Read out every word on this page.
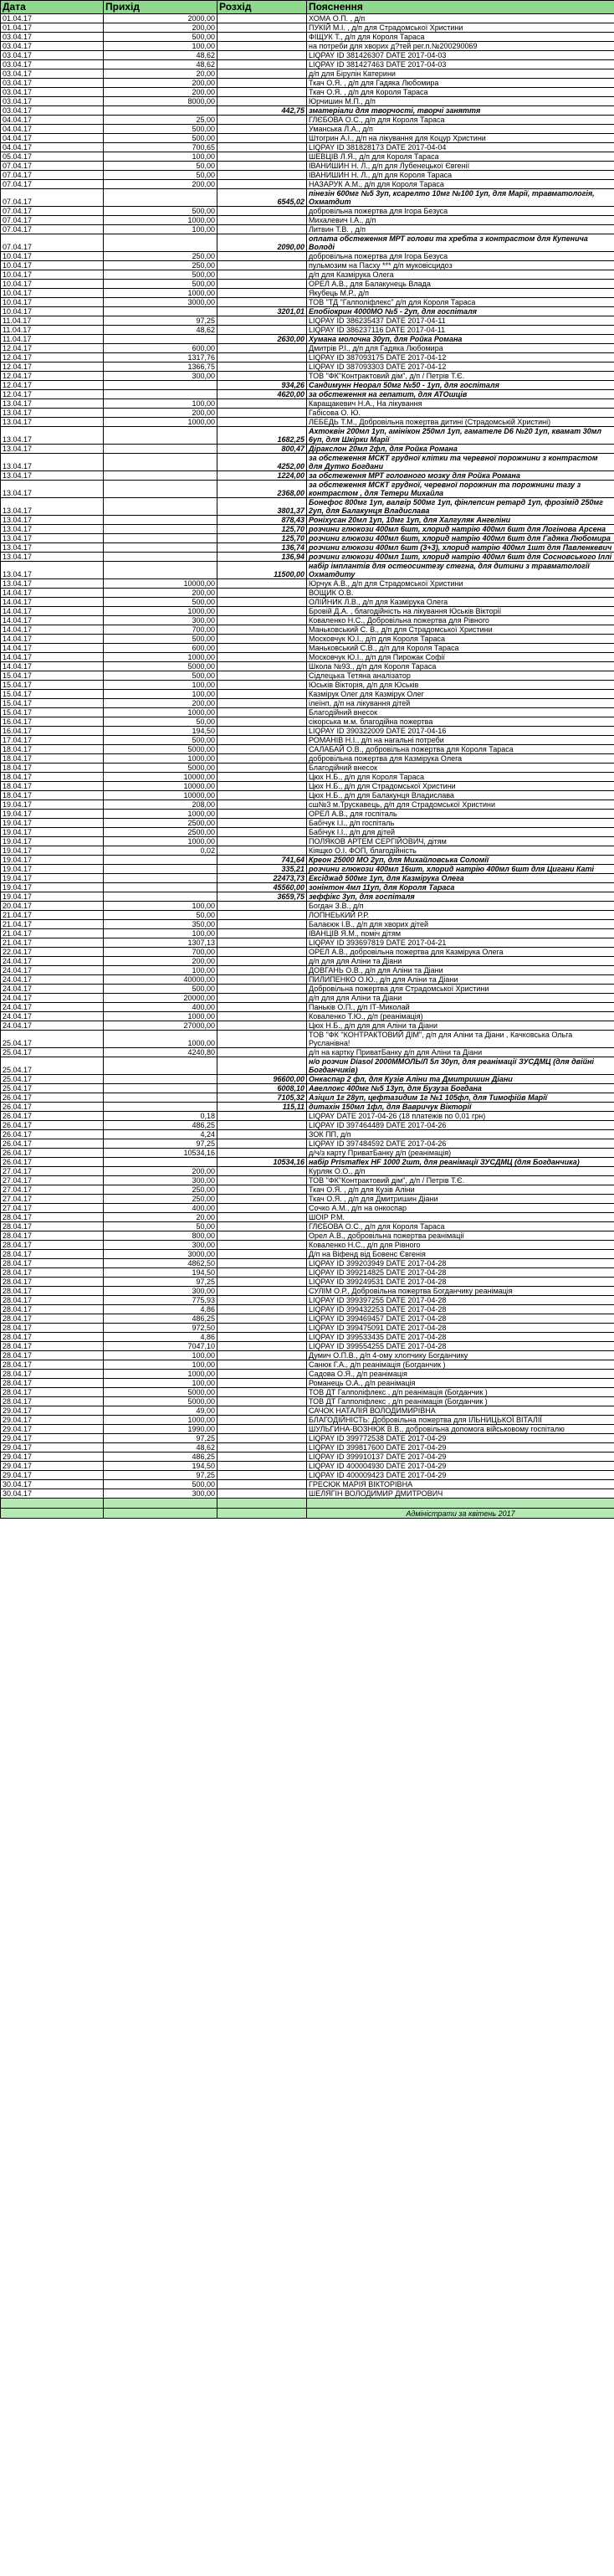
Дата	Прихід	Розхід	Пояснення
01.04.17	2000,00		ХОМА О.П. , д/п
01.04.17	200,00		ПУКІЙ М.І. , д/п для Страдомської Христини
03.04.17	500,00		ФІЩУК Т., д/п для Короля Тараса
03.04.17	100,00		на потреби для хворих д?тей рег.п.№200290069
03.04.17	48,62		LIQPAY ID 381426307 DATE 2017-04-03
03.04.17	48,62		LIQPAY ID 381427463 DATE 2017-04-03
03.04.17	20,00		д/п для Бірулін Катерини
03.04.17	200,00		Ткач О.Я. , д/п для Гадяка Любомира
03.04.17	200,00		Ткач О.Я. , д/п для Короля Тараса
03.04.17	8000,00		Юрчишин М.П., д/п
03.04.17		442,75	зматеріали для творчості, творчі заняття
04.04.17	25,00		ГЛЄБОВА О.С., д/п для Короля Тараса
04.04.17	500,00		Уманська Л.А., д/п
04.04.17	500,00		Штогрин А.І., д/п на лікування для Коцур Христини
04.04.17	700,65		LIQPAY ID 381828173 DATE 2017-04-04
05.04.17	100,00		ШЕВЦІВ Л.Я., д/п для Короля Тараса
07.04.17	50,00		ІВАНИШИН Н. Л., д/п для Лубенецької Євгенії
07.04.17	50,00		ІВАНИШИН Н. Л., д/п для Короля Тараса
07.04.17	200,00		НАЗАРУК А.М., д/п для Короля Тараса
07.04.17		6545,02	пінезін 600мг №5 3уп, ксарелто 10мг №100 1уп, для Марії, травматологія, Охматдит
07.04.17	500,00		добровільна пожертва для Ігора Безуса
07.04.17	1000,00		Михалевич І.А., д/п
07.04.17	100,00		Литвин Т.В. , д/п
07.04.17		2090,00	оплата обстеження МРТ голови та хребта з контрастом для Купенича Володі
10.04.17	250,00		добровільна пожертва для Ігора Безуса
10.04.17	250,00		пульмозим на Пасху *** д/п муковісцидоз
10.04.17	500,00		д/п для Казмірука Олега
10.04.17	500,00		ОРЕЛ А.В., для Балакунець Влада
10.04.17	1000,00		Якубець М.Р., д/п
10.04.17	3000,00		ТОВ "ТД "Галполіфлекс" д/п для Короля Тараса
10.04.17		3201,01	Епобіокрин 4000МО №5 - 2уп, для госпіталя
11.04.17	97,25		LIQPAY ID 386235437 DATE 2017-04-11
11.04.17	48,62		LIQPAY ID 386237116 DATE 2017-04-11
11.04.17		2630,00	Хумана молочна 30уп, для Ройка Романа
12.04.17	600,00		Дмитрів Р.І., д/п для Гадяка Любомира
12.04.17	1317,76		LIQPAY ID 387093175 DATE 2017-04-12
12.04.17	1366,75		LIQPAY ID 387093303 DATE 2017-04-12
12.04.17	300,00		ТОВ "ФК"Контрактовий дім", д/п / Петрів Т.Є.
12.04.17		934,26	Сандимунн Неорал 50мг №50 - 1уп, для госпіталя
12.04.17		4620,00	за обстеження на гепатит, для АТОшців
13.04.17	100,00		Каращакевич Н.А., На лікування
13.04.17	200,00		Габісова О. Ю.
13.04.17	1000,00		ЛЕБЕДЬ Т.М., Добровільна пожертва дитині (Страдомській Христині)
13.04.17		1682,25	Ахтоквін 200мл 1уп, амінікон 250мл 1уп, гамателе D6 №20 1уп, квамат 30мл 6уп, для Шкірки Марії
13.04.17		800,47	Діракслон 20мл 2фл, для Ройка Романа
13.04.17		4252,00	за обстеження МСКТ грудної клітки та черевної порожнини з контрастом для Дутко Богдани
13.04.17		1224,00	за обстеження МРТ головного мозку для Ройка Романа
13.04.17		2368,00	за обстеження МСКТ грудної, черевної порожнин та порожнини тазу з контрастом , для Тетери Михайла
13.04.17		3801,37	Бонефос 800мг 1уп, валвір 500мг 1уп, фінлепсин ретард 1уп, фрозімід 250мг 2уп, для Балакунця Владислава
13.04.17		878,43	Роніхусан 20мл 1уп, 10мг 1уп, для Халгуляк Ангеліни
13.04.17		125,70	розчини глюкози 400мл 6шт, хлорид натрію 400мл 6шт для Логінова Арсена
13.04.17		125,70	розчини глюкози 400мл 6шт, хлорид натрію 400мл 6шт для Гадяка Любомира
13.04.17		136,74	розчини глюкози 400мл 6шт (3+3), хлорид натрію 400мл 1шт для Павленкевич
13.04.17		136,94	розчини глюкози 400мл 1шт, хлорид натрію 400мл 6шт для Сосновського Іллі
13.04.17		11500,00	набір імплантів для остеосинтезу стегна, для дитини з травматології Охматдиту
13.04.17	10000,00		Юрчук А.В., д/п для Страдомської Христини
14.04.17	200,00		ВОЩИК О.В.
14.04.17	500,00		ОЛІЙНИК Л.В., д/п для Казмірука Олега
14.04.17	1000,00		Бровій Д.А. , благодійність на лікування Юськів Вікторії
14.04.17	300,00		Коваленко Н.С., Добровільна пожертва для Рівного
14.04.17	700,00		Маньковський С. В., д/п для Страдомської Христини
14.04.17	500,00		Московчук Ю.І., д/п для Короля Тараса
14.04.17	600,00		Маньковський С.В., д/п для Короля Тараса
14.04.17	1000,00		Московчук Ю.І., д/п для Пирожак Софії
14.04.17	5000,00		Школа №93., д/п для Короля Тараса
15.04.17	500,00		Сідлецька Тетяна аналізатор
15.04.17	100,00		Юськів Вікторія, д/п для Юськів
15.04.17	100,00		Казмірук Олег для Казмірук Олег
15.04.17	200,00		ілеїнп, д/п на лікування дітей
15.04.17	1000,00		Благодійний внесок
16.04.17	50,00		сікорська м.м. благодійна пожертва
16.04.17	194,50		LIQPAY ID 390322009 DATE 2017-04-16
17.04.17	500,00		РОМАНІВ Н.І., д/п на нагальні потреби
18.04.17	5000,00		САЛАБАЙ О.В., добровільна пожертва для Короля Тараса
18.04.17	1000,00		добровільна пожертва для Казмірука Олега
18.04.17	5000,00		Благодійний внесок
18.04.17	10000,00		Цюх Н.Б., д/п для Короля Тараса
18.04.17	10000,00		Цюх Н.Б., д/п для Страдомської Христини
18.04.17	10000,00		Цюх Н.Б., д/п для Балакунця Владислава
19.04.17	208,00		сш№3 м.Трускавець, д/п для Страдомської Христини
19.04.17	1000,00		ОРЕЛ А.В., для госпіталь
19.04.17	2500,00		Бабічук І.І., д/п госпіталь
19.04.17	2500,00		Бабічук І.І., д/п для дітей
19.04.17	1000,00		ПОЛЯКОВ АРТЕМ СЕРГІЙОВИЧ, дітям
19.04.17	0,02		Кіящко О.І. ФОП, благодійність
19.04.17		741,64	Креон 25000 МО 2уп, для Михайловська Соломії
19.04.17		335,21	розчини глюкози 400мл 16шт, хлорид натрію 400мл 6шт для Цигани Каті
19.04.17		22473,73	Ексіджад 500мг 1уп, для Казмірука Олега
19.04.17		45560,00	зонінтон 4мл 11уп, для Короля Тараса
19.04.17		3659,75	зеффікс 3уп, для госпіталя
20.04.17	100,00		Богдан З.В., д/п
21.04.17	50,00		ЛОПНЕЬКИЙ Р.Р.
21.04.17	350,00		Балаєюк І.В., д/п для хворих дітей
21.04.17	100,00		ІВАНЦІВ Я.М., поміч дітям
21.04.17	1307,13		LIQPAY ID 393697819 DATE 2017-04-21
22.04.17	700,00		ОРЕЛ А.В., добровільна пожертва для Казмірука Олега
24.04.17	200,00		д/п для для Аліни та Діани
24.04.17	100,00		ДОВГАНЬ О.В., д/п для Аліни та Діани
24.04.17	40000,00		ПИЛИПЕНКО О.Ю., д/п для Аліни та Діани
24.04.17	500,00		Добровільна пожертва для Страдомської Христини
24.04.17	20000,00		д/п для для Аліни та Діани
24.04.17	400,00		Паньків О.П., д/п ІТ-Миколай
24.04.17	1000,00		Коваленко Т.Ю., д/п (реанімація)
24.04.17	27000,00		Цюх Н.Б., д/п для для Аліни та Діани
25.04.17	1000,00		ТОВ "ФК "КОНТРАКТОВИЙ ДІМ", д/п для Аліни та Діани , Качковська Ольга Русланівна!
25.04.17	4240,80		д/п на картку ПриватБанку д/п для Аліни та Діани
25.04.17			н/о розчин Diаsol 2000ММОЛЬ/Л 5л 30уп, для реанімації ЗУСДМЦ (для двійні Богданчиків)
25.04.17		96600,00	Онкаспар 2 фл, для Кузів Аліни та Дмитришин Діани
25.04.17		6008,10	Авеллокс 400мг №5 13уп, для Бузуза Богдана
26.04.17		7105,32	Азіцил 1г 28уп, цефтазидим 1г №1 105фл, для Тимофійв Марії
26.04.17		115,11	дитахін 150мл 1фл, для Вавричук Вікторії
26.04.17	0,18		LIQPAY DATE 2017-04-26 (18 платежів по 0,01 грн)
26.04.17	486,25		LIQPAY ID 397464489 DATE 2017-04-26
26.04.17	4,24		ЗОК ПП, д/п
26.04.17	97,25		LIQPAY ID 397484592 DATE 2017-04-26
26.04.17	10534,16		д/ч/з карту ПриватБанку д/п (реанімація)
26.04.17		10534,16	набір Prismaflex HF 1000 2шт, для реанімації ЗУСДМЦ (для Богданчика)
27.04.17	200,00		Курляк О.О., д/п
27.04.17	300,00		ТОВ "ФК"Контрактовий дім", д/п / Петрів Т.Є.
27.04.17	250,00		Ткач О.Я. , д/п для Кузів Аліни
27.04.17	250,00		Ткач О.Я. , д/п для Дмитришин Діани
27.04.17	400,00		Сочко А.М., д/п на онкоспар
28.04.17	20,00		ШОІР Р.М.
28.04.17	50,00		ГЛЄБОВА О.С., д/п для Короля Тараса
28.04.17	800,00		Орел А.В., добровільна пожертва реанімації
28.04.17	300,00		Коваленко Н.С., д/п для Рівного
28.04.17	3000,00		Д/п на Віфенд від Бовенс Євгенія
28.04.17	4862,50		LIQPAY ID 399203949 DATE 2017-04-28
28.04.17	194,50		LIQPAY ID 399214825 DATE 2017-04-28
28.04.17	97,25		LIQPAY ID 399249531 DATE 2017-04-28
28.04.17	300,00		СУЛІМ О.Р., Добровільна пожертва Богданчику реанімація
28.04.17	775,93		LIQPAY ID 399397255 DATE 2017-04-28
28.04.17	4,86		LIQPAY ID 399432253 DATE 2017-04-28
28.04.17	486,25		LIQPAY ID 399469457 DATE 2017-04-28
28.04.17	972,50		LIQPAY ID 399475091 DATE 2017-04-28
28.04.17	4,86		LIQPAY ID 399533435 DATE 2017-04-28
28.04.17	7047,10		LIQPAY ID 399554255 DATE 2017-04-28
28.04.17	100,00		Думич О.П.В., д/п 4-ому хлопчику Богданчику
28.04.17	100,00		Санюк Г.А., д/п реанімація (Богданчик )
28.04.17	1000,00		Садова О.Я., д/п реанімація
28.04.17	100,00		Романець О.А., д/п реанімація
28.04.17	5000,00		ТОВ ДТ Галполіфлекс , д/п реанімація (Богданчик )
28.04.17	5000,00		ТОВ ДТ Галполіфлекс , д/п реанімація (Богданчик )
29.04.17	49,00		САЧОК НАТАЛІЯ ВОЛОДИМИРІВНА
29.04.17	1000,00		БЛАГОДІЙНІСТЬ: Добровільна пожертва для ІЛЬНИЦЬКОЇ ВІТАЛІЇ
29.04.17	1990,00		ШУЛЬГИНА-ВОЗНЮК В.В., добровільна допомога військовому госпіталю
29.04.17	97,25		LIQPAY ID 399772538 DATE 2017-04-29
29.04.17	48,62		LIQPAY ID 399817600 DATE 2017-04-29
29.04.17	486,25		LIQPAY ID 399910137 DATE 2017-04-29
29.04.17	194,50		LIQPAY ID 400004930 DATE 2017-04-29
29.04.17	97,25		LIQPAY ID 400009423 DATE 2017-04-29
30.04.17	500,00		ГРЕСЮК МАРІЯ ВІКТОРІВНА
30.04.17	300,00		ШЕЛЯГІН ВОЛОДИМИР ДМИТРОВИЧ

			Адміністрати за квітень 2017
